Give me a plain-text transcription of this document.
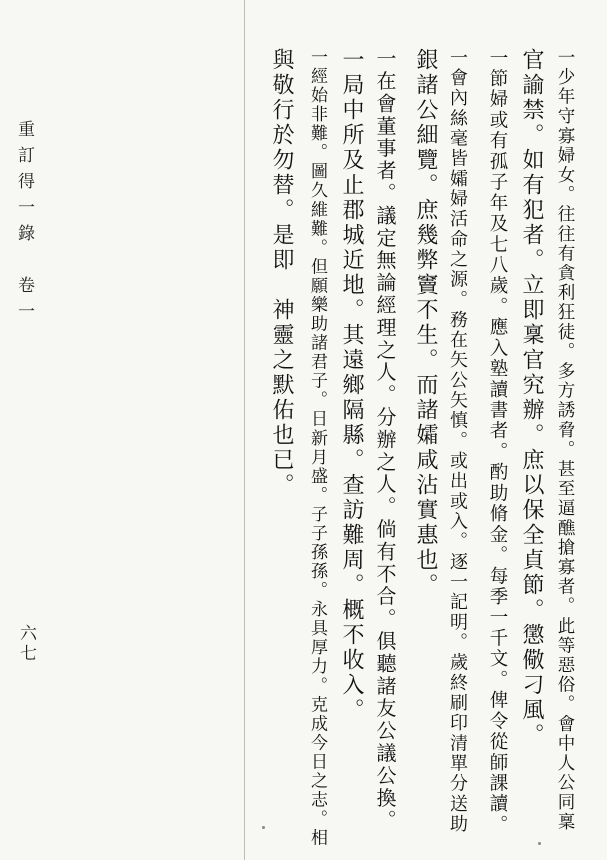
一少年守寡婦女。往往有貪利狂徒。多方誘脅。甚至逼醮搶寡者。此等惡俗。會中人公同稟
官諭禁。如有犯者。立即稟官究辦。庶以保全貞節。懲儆刁風。
一節婦或有孤子年及七八歲。應入塾讀書者。酌助脩金。每季一千文。俾令從師課讀。
一會內絲毫皆孀婦活命之源。務在矢公矢慎。或出或入。逐一記明。歲終刷印清單分送助
銀諸公細覽。庶幾弊竇不生。而諸孀咸沾實惠也。
一在會董事者。議定無論經理之人。分辦之人。倘有不合。俱聽諸友公議公換。
一局中所及止郡城近地。其遠鄉隔縣。查訪難周。概不收入。
一經始非難。圖久維難。但願樂助諸君子。日新月盛。子子孫孫。永具厚力。克成今日之志。相
與敬行於勿替。是即　神靈之默佑也已。
重訂得一錄　卷一
六七
